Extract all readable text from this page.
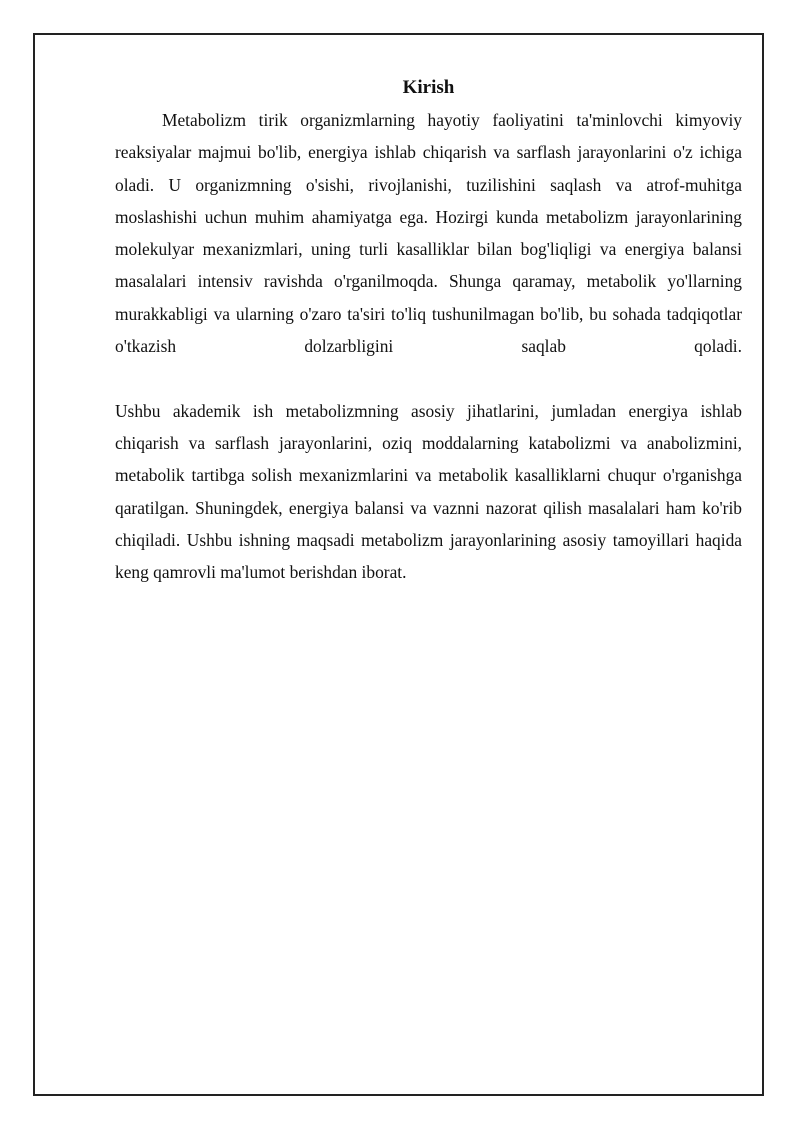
Kirish

Metabolizm tirik organizmlarning hayotiy faoliyatini ta'minlovchi kimyoviy reaksiyalar majmui bo'lib, energiya ishlab chiqarish va sarflash jarayonlarini o'z ichiga oladi. U organizmning o'sishi, rivojlanishi, tuzilishini saqlash va atrof-muhitga moslashishi uchun muhim ahamiyatga ega. Hozirgi kunda metabolizm jarayonlarining molekulyar mexanizmlari, uning turli kasalliklar bilan bog'liqligi va energiya balansi masalalari intensiv ravishda o'rganilmoqda. Shunga qaramay, metabolik yo'llarning murakkabligi va ularning o'zaro ta'siri to'liq tushunilmagan bo'lib, bu sohada tadqiqotlar o'tkazish dolzarbligini saqlab qoladi.

Ushbu akademik ish metabolizmning asosiy jihatlarini, jumladan energiya ishlab chiqarish va sarflash jarayonlarini, oziq moddalarning katabolizmi va anabolizmini, metabolik tartibga solish mexanizmlarini va metabolik kasalliklarni chuqur o'rganishga qaratilgan. Shuningdek, energiya balansi va vaznni nazorat qilish masalalari ham ko'rib chiqiladi. Ushbu ishning maqsadi metabolizm jarayonlarining asosiy tamoyillari haqida keng qamrovli ma'lumot berishdan iborat.
